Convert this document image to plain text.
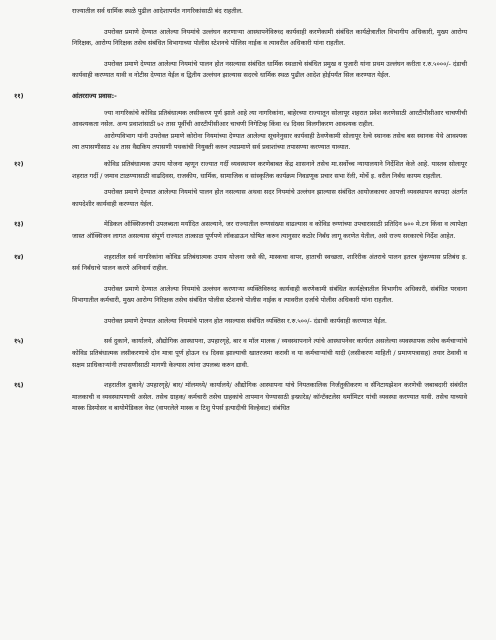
राज्यातील सर्व धार्मिक स्थळे पुढील आदेशापर्यंत नागरिकांसाठी बंद राहतील.

उपरोक्त प्रमाणे देण्यात आलेल्या नियमांचे उल्लंघन करणाऱ्या आस्थापनेविरुध्द कार्यवाही करणेकामी संबंधित कार्यक्षेत्रातील विभागीय अधिकारी, मुख्य आरोग्य निरिक्षक, आरोग्य निरिक्षक तसेच संबंधित विभागाच्या पोलीस स्टेशनचे पोलिस नाईक व त्यावरील अधिकारी यांना राहतील.

उपरोक्त प्रमाणे देण्यात आलेल्या नियमांचे पालन होत नसल्यास संबंधित धार्मिक स्थळाचे संबंधित प्रमुख व पुजारी यांना प्रथम उल्लंघन करीता र.रु.५०००/- दंडाची कार्यवाही करण्यात यावी व नोटीस देण्यात येईल व द्वितीय उल्लंघन झाल्यास सदरचे धार्मिक स्थळ पुढील आदेश होईपर्यंत सिल करण्यात येईल.

११)	आंतरराज्य प्रवास:-

ज्या नागरिकांचे कोविड प्रतिबंधात्मक लसीकरण पूर्ण झाले आहे त्या नागरिकांना, बाहेरच्या राज्यातून सोलापूर शहरात प्रवेश करणेसाठी आरटीपीसीआर चाचणीची आवश्यकता नसेल. अन्य प्रवाशांसाठी ७२ तास पूर्वीची आरटीपीसीआर चाचणी निगेटिव्ह किंवा १४ दिवस विलगीकरण आवश्यक राहील.

आरोग्यविभाग यांनी उपरोक्त प्रमाणे कोरोना नियमांच्या देण्यात आलेल्या सूचनेनुसार कार्यवाही ठेवणेकामी सोलापूर रेल्वे स्थानक तसेच बस स्थानक येथे आवश्यक त्या तपासणीसाठ २४ तास वैद्यकिय तपासणी पथकांची नियुक्ती करुन त्याप्रमाणे सर्व प्रवाशांच्या तपासण्या करण्यात याव्यात.

१२)	कोविड प्रतिबंधात्मक उपाय योजना म्हणून राज्यात गर्दी व्यवस्थापन करणेबाबत केंद्र शासनाने तसेच मा.सर्वोच्च न्यायालयाने निर्देशित केले आहे. यास्तव सोलापूर शहरात गर्दी / जमाव टाळण्यासाठी वाढदिवस, राजकीय, धार्मिक, सामाजिक व सांस्कृतिक कार्यक्रम निवडणूक प्रचार सभा रॅली, मोर्चे इ. वरील निर्बंध कायम राहतील.

उपरोक्त प्रमाणे देण्यात आलेल्या नियमांचे पालन होत नसल्यास अथवा सदर नियमांचे उल्लंघन झाल्यास संबंधित आयोजकाचर आपत्ती व्यवस्थापन कायदा अंतर्गत कायदेशीर कार्यवाही करण्यात येईल.

१३)	मेडिकल ऑक्सिजनची उपलब्धता मर्यादित असल्याने, जर राज्यातील रुग्णसंख्या वाढल्यास व कोविड रुग्णांच्या उपचारासाठी प्रतिदिन ७०० मे.टन किंवा व त्यापेक्षा जास्त ऑक्सिजन लागत असल्यास संपूर्ण राज्यात तात्काळ पूर्णपणे लॉकडाऊन घोषित करुन त्यानुसार कठोर निर्बंध लागू करणेत येतील, असे राज्य सरकारचे निर्देश आहेत.

१४)	शहरातील सर्व नागरिकांना कोविड प्रतिबंधात्मक उपाय योजना जसे की, मास्कचा वापर, हाताची स्वच्छता, शारिरीक अंतराचे पालन इतरत्र थुंकण्यास प्रतिबंध इ. सर्व निर्बंधाचे पालन करणे अनिवार्य राहील.

उपरोक्त प्रमाणे देण्यात आलेल्या नियमांचे उल्लंघन करणाऱ्या व्यक्तिविरुध्द कार्यवाही करणेकामी संबंधित कार्यक्षेत्रातील विभागीय अधिकारी, संबंधित परवाना विभागातील कर्मचारी, मुख्य आरोग्य निरिक्षक तसेच संबंधित पोलीस स्टेशनचे पोलीस नाईक व त्यावरील दर्जाचे पोलीस अधिकारी यांना राहतील.

उपरोक्त प्रमाणे देण्यात आलेल्या नियमांचे पालन होत नसल्यास संबंधित व्यक्तिस र.रु.५००/- दंडाची कार्यवाही करण्यात येईल.

१५)	सर्व दुकाने, कार्यालये, औद्योगिक आस्थापना, उपहारगृहे, बार व मॉल मालक / व्यवस्थापनाने त्यांचे आस्थापनेवर कार्यरत असलेल्या व्यवस्थापक तसेच कर्मचाऱ्यांचे कोविड प्रतिबंधात्मक लसीकरणाचे दोन मात्रा पूर्ण होऊन १४ दिवस झाल्याची खातरजमा करावी व या कर्मचाऱ्यांची यादी (लसीकरण माहिती / प्रमाणपत्रासह) तयार ठेवावी व सक्षम प्राधिकाऱ्यांनी तपासणीसाठी मागणी केल्यास त्यांना उपलब्ध करुन द्यावी.

१६)	शहरातील दुकाने/ उपहारगृहे/ बार/ मॉलमध्ये/ कार्यालये/ औद्योगिक आस्थापना यांचे नियतकालिक निर्जंतुकीकरण व सॅनिटायझेशन करणेची जबाबदारी संबंधीत मालकाची व व्यवस्थापणाची असेल. तसेच ग्राहक/ कर्मचारी तसेच ग्राहकांचे तापमान घेण्यासाठी इन्फ्रारेड/ कॉन्टॅक्टलेस थर्मामिटर यांची व्यवस्था करण्यात यावी. तसेच याच्यावे मास्क डिस्पोसर व बायोमेडिकल वेस्ट (वापरलेले मास्क व टिशु पेपर्स इत्यादीची विल्हेवाट) संबंधित
